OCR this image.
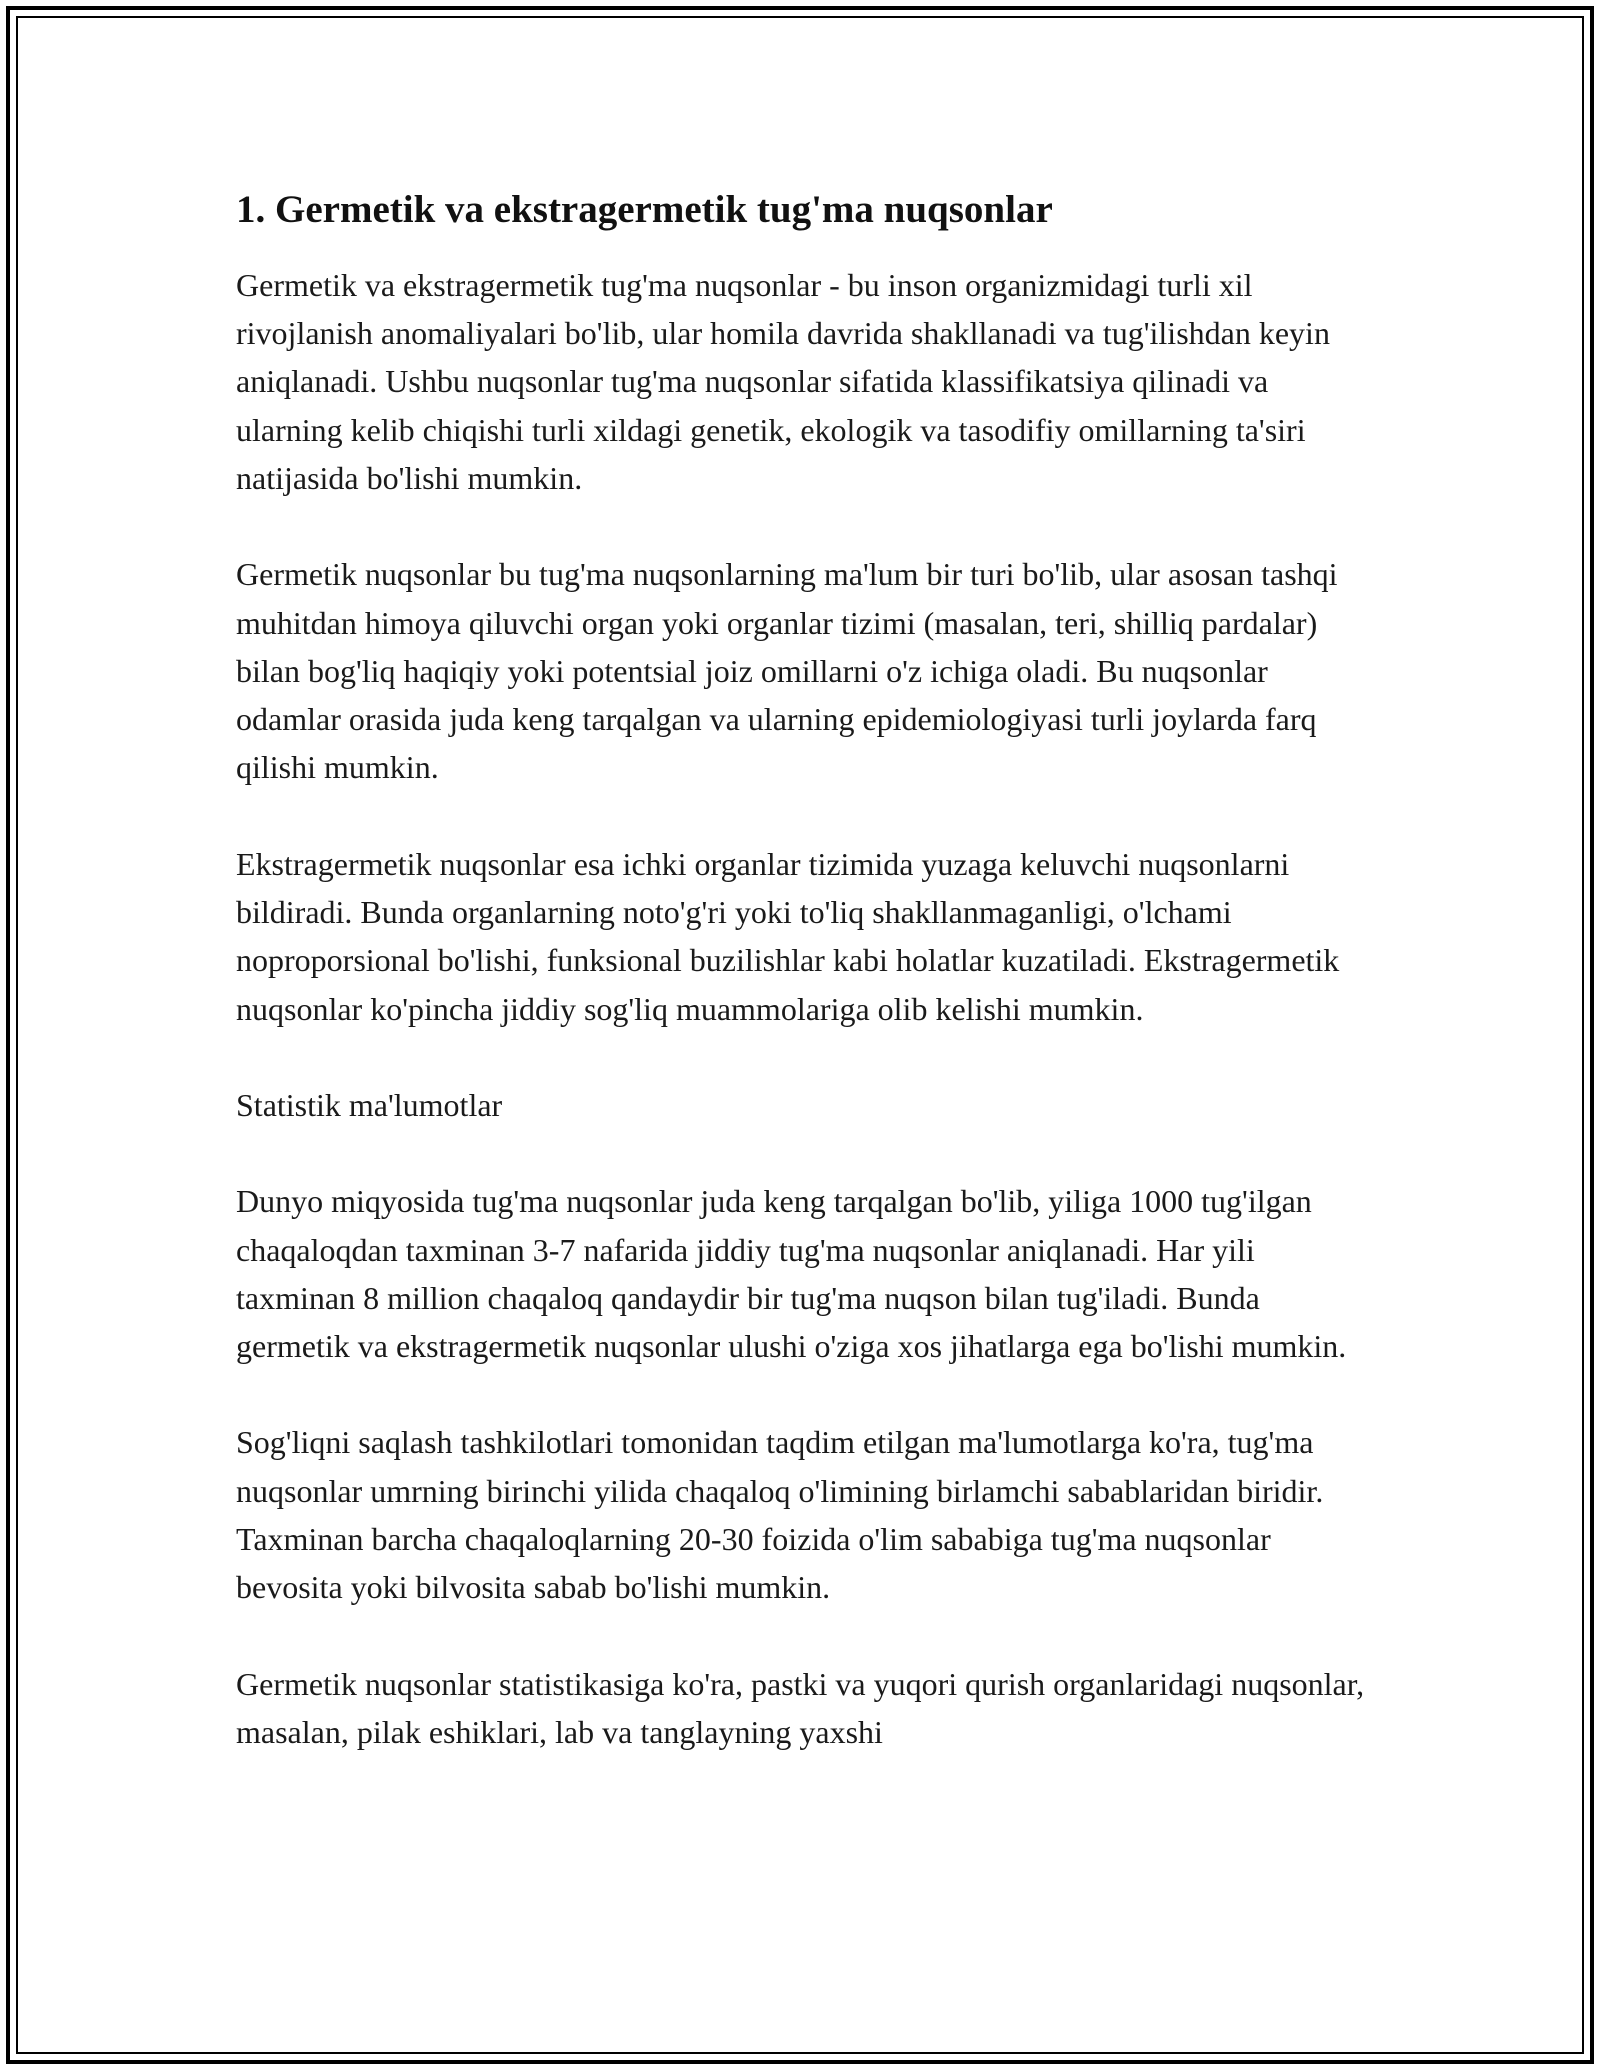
1. Germetik va ekstragermetik tug'ma nuqsonlar

Germetik va ekstragermetik tug'ma nuqsonlar - bu inson organizmidagi turli xil rivojlanish anomaliyalari bo'lib, ular homila davrida shakllanadi va tug'ilishdan keyin aniqlanadi. Ushbu nuqsonlar tug'ma nuqsonlar sifatida klassifikatsiya qilinadi va ularning kelib chiqishi turli xildagi genetik, ekologik va tasodifiy omillarning ta'siri natijasida bo'lishi mumkin.

Germetik nuqsonlar bu tug'ma nuqsonlarning ma'lum bir turi bo'lib, ular asosan tashqi muhitdan himoya qiluvchi organ yoki organlar tizimi (masalan, teri, shilliq pardalar) bilan bog'liq haqiqiy yoki potentsial joiz omillarni o'z ichiga oladi. Bu nuqsonlar odamlar orasida juda keng tarqalgan va ularning epidemiologiyasi turli joylarda farq qilishi mumkin.

Ekstragermetik nuqsonlar esa ichki organlar tizimida yuzaga keluvchi nuqsonlarni bildiradi. Bunda organlarning noto'g'ri yoki to'liq shakllanmaganligi, o'lchami noproporsional bo'lishi, funksional buzilishlar kabi holatlar kuzatiladi. Ekstragermetik nuqsonlar ko'pincha jiddiy sog'liq muammolariga olib kelishi mumkin.

Statistik ma'lumotlar

Dunyo miqyosida tug'ma nuqsonlar juda keng tarqalgan bo'lib, yiliga 1000 tug'ilgan chaqaloqdan taxminan 3-7 nafarida jiddiy tug'ma nuqsonlar aniqlanadi. Har yili taxminan 8 million chaqaloq qandaydir bir tug'ma nuqson bilan tug'iladi. Bunda germetik va ekstragermetik nuqsonlar ulushi o'ziga xos jihatlarga ega bo'lishi mumkin.

Sog'liqni saqlash tashkilotlari tomonidan taqdim etilgan ma'lumotlarga ko'ra, tug'ma nuqsonlar umrning birinchi yilida chaqaloq o'limining birlamchi sabablaridan biridir. Taxminan barcha chaqaloqlarning 20-30 foizida o'lim sababiga tug'ma nuqsonlar bevosita yoki bilvosita sabab bo'lishi mumkin.

Germetik nuqsonlar statistikasiga ko'ra, pastki va yuqori qurish organlaridagi nuqsonlar, masalan, pilak eshiklari, lab va tanglayning yaxshi
